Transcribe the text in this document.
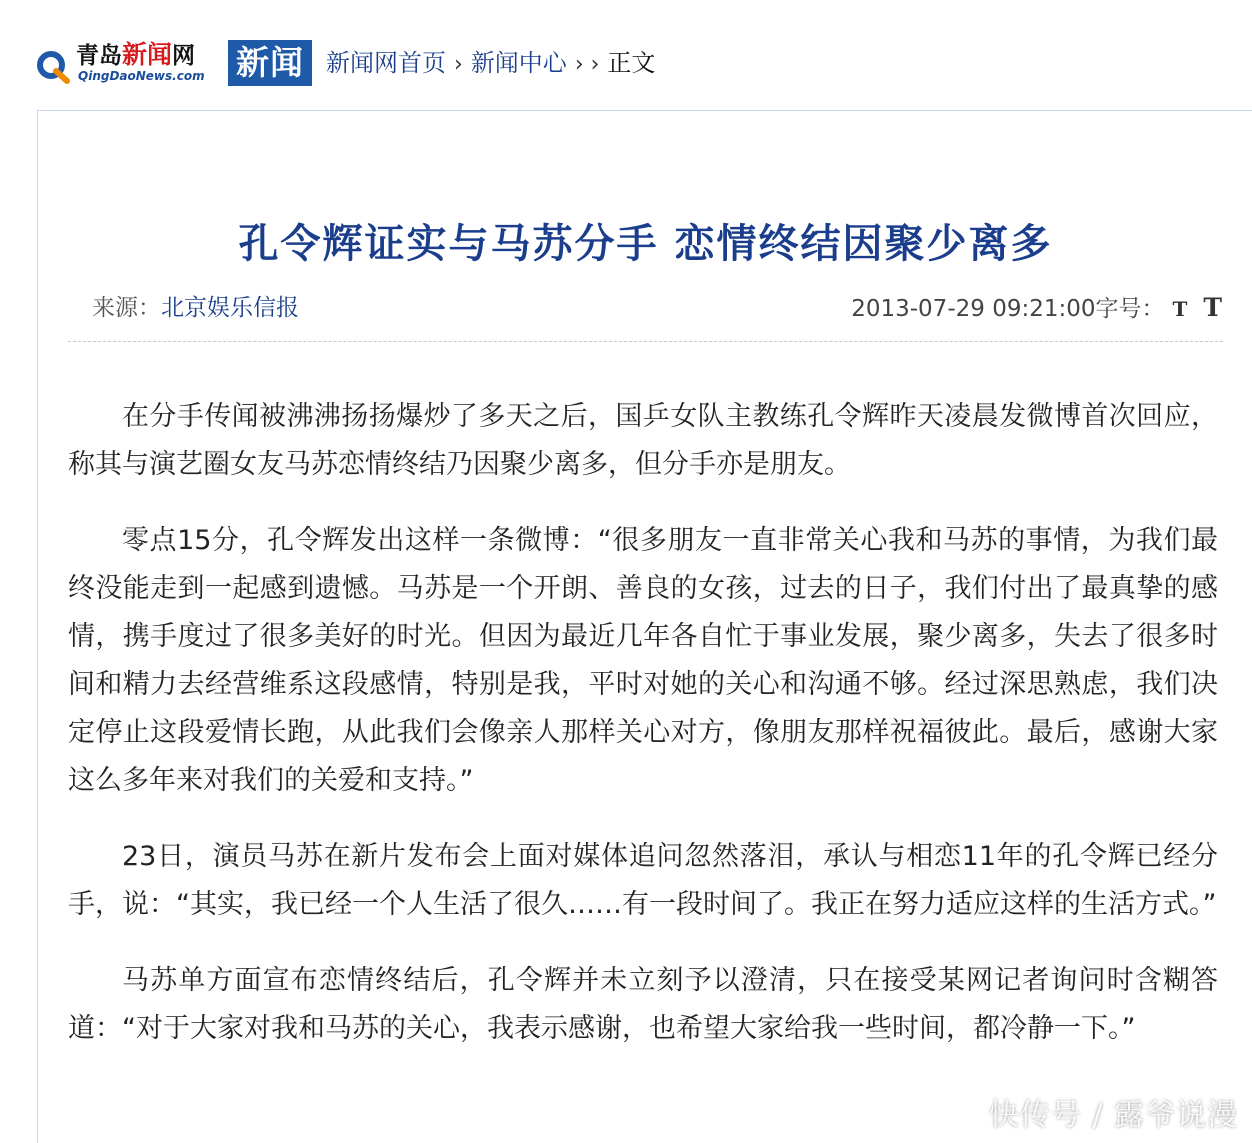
青岛新闻网
QingDaoNews.com 新闻 新闻网首页 › 新闻中心 › › 正文
孔令辉证实与马苏分手 恋情终结因聚少离多
来源：北京娱乐信报	2013-07-29 09:21:00字号： T T

在分手传闻被沸沸扬扬爆炒了多天之后，国乒女队主教练孔令辉昨天凌晨发微博首次回应，称其与演艺圈女友马苏恋情终结乃因聚少离多，但分手亦是朋友。

零点15分，孔令辉发出这样一条微博：“很多朋友一直非常关心我和马苏的事情，为我们最终没能走到一起感到遗憾。马苏是一个开朗、善良的女孩，过去的日子，我们付出了最真挚的感情，携手度过了很多美好的时光。但因为最近几年各自忙于事业发展，聚少离多，失去了很多时间和精力去经营维系这段感情，特别是我，平时对她的关心和沟通不够。经过深思熟虑，我们决定停止这段爱情长跑，从此我们会像亲人那样关心对方，像朋友那样祝福彼此。最后，感谢大家这么多年来对我们的关爱和支持。”

23日，演员马苏在新片发布会上面对媒体追问忽然落泪，承认与相恋11年的孔令辉已经分手，说：“其实，我已经一个人生活了很久……有一段时间了。我正在努力适应这样的生活方式。”

马苏单方面宣布恋情终结后，孔令辉并未立刻予以澄清，只在接受某网记者询问时含糊答道：“对于大家对我和马苏的关心，我表示感谢，也希望大家给我一些时间，都冷静一下。”

快传号 / 露爷说漫
